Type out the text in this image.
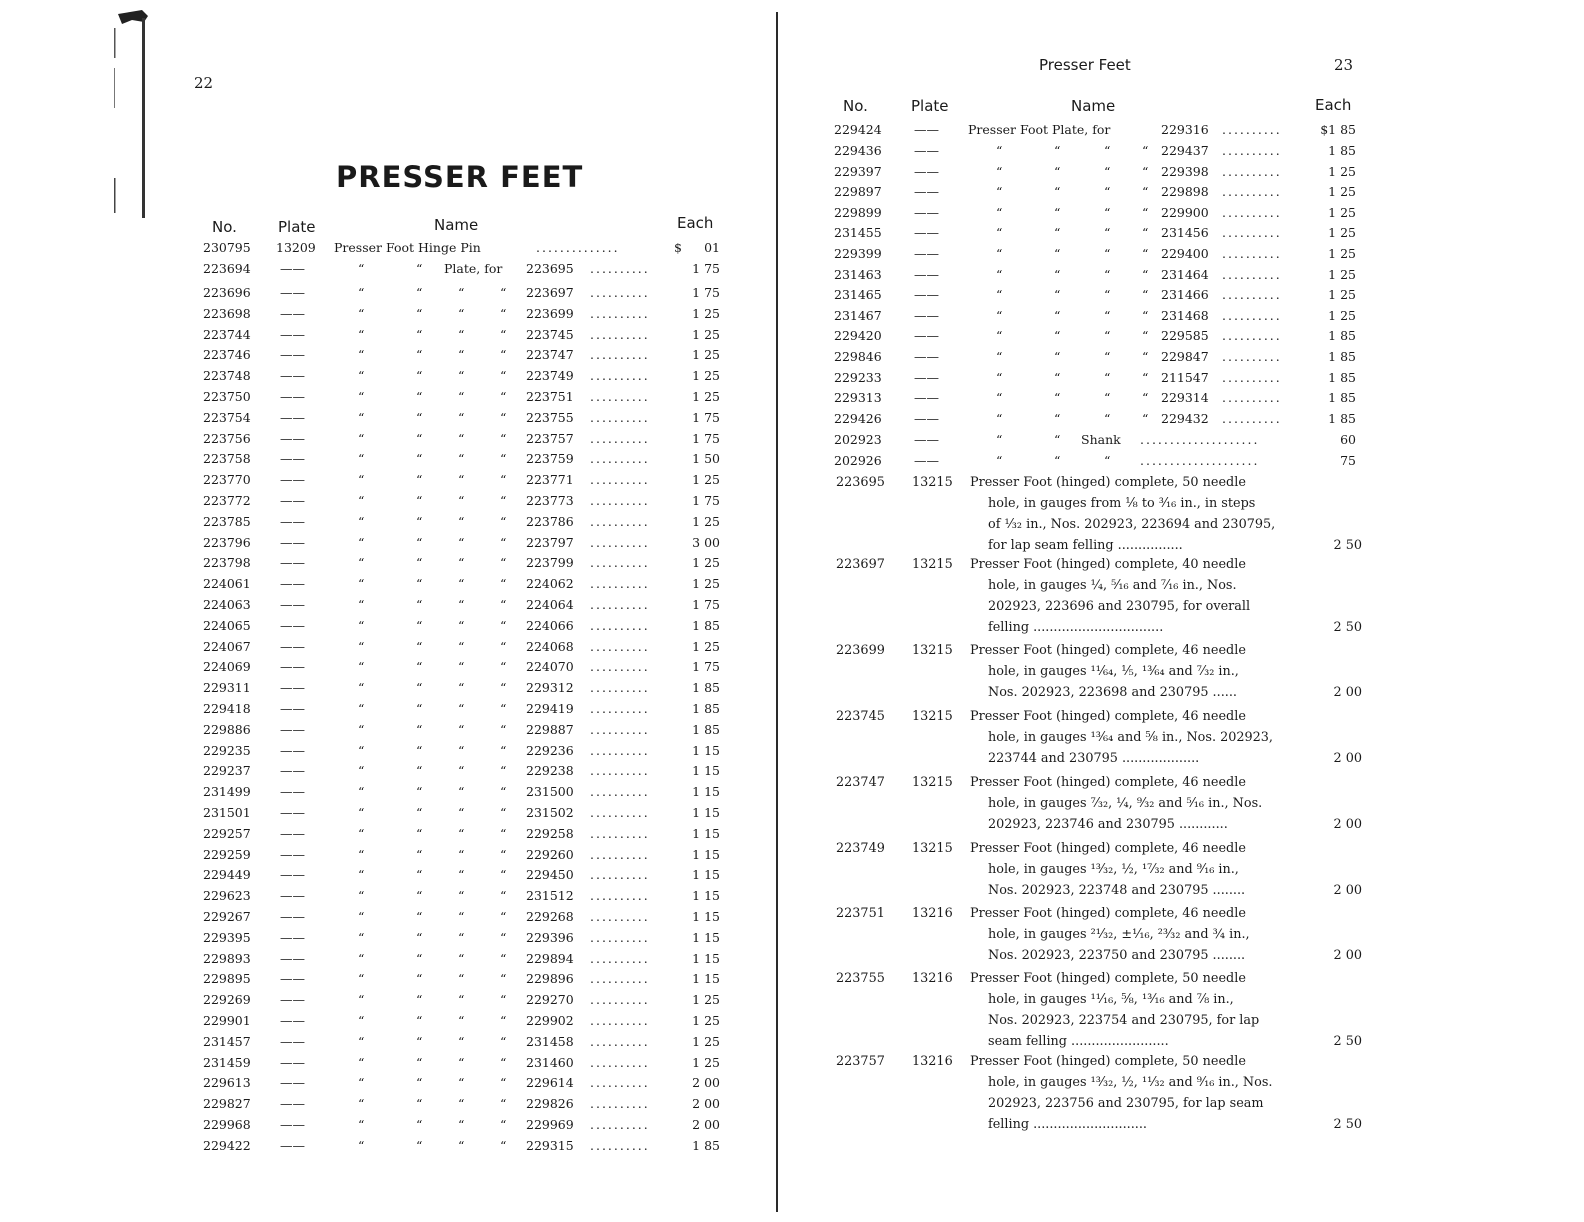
22
PRESSER FEET
No.	Plate	Name	Each
230795 13209 Presser Foot Hinge Pin	..............	$	01
223694 ——	“	“ Plate, for 223695 ..........	1 75
223696 ——	“	“	“	“ 223697 ..........	1 75
223698 ——	“	“	“	“ 223699 ..........	1 25
223744 ——	“	“	“	“ 223745 ..........	1 25
223746 ——	“	“	“	“ 223747 ..........	1 25
223748 ——	“	“	“	“ 223749 ..........	1 25
223750 ——	“	“	“	“ 223751 ..........	1 25
223754 ——	“	“	“	“ 223755 ..........	1 75
223756 ——	“	“	“	“ 223757 ..........	1 75
223758 ——	“	“	“	“ 223759 ..........	1 50
223770 ——	“	“	“	“ 223771 ..........	1 25
223772 ——	“	“	“	“ 223773 ..........	1 75
223785 ——	“	“	“	“ 223786 ..........	1 25
223796 ——	“	“	“	“ 223797 ..........	3 00
223798 ——	“	“	“	“ 223799 ..........	1 25
224061 ——	“	“	“	“ 224062 ..........	1 25
224063 ——	“	“	“	“ 224064 ..........	1 75
224065 ——	“	“	“	“ 224066 ..........	1 85
224067 ——	“	“	“	“ 224068 ..........	1 25
224069 ——	“	“	“	“ 224070 ..........	1 75
229311 ——	“	“	“	“ 229312 ..........	1 85
229418 ——	“	“	“	“ 229419 ..........	1 85
229886 ——	“	“	“	“ 229887 ..........	1 85
229235 ——	“	“	“	“ 229236 ..........	1 15
229237 ——	“	“	“	“ 229238 ..........	1 15
231499 ——	“	“	“	“ 231500 ..........	1 15
231501 ——	“	“	“	“ 231502 ..........	1 15
229257 ——	“	“	“	“ 229258 ..........	1 15
229259 ——	“	“	“	“ 229260 ..........	1 15
229449 ——	“	“	“	“ 229450 ..........	1 15
229623 ——	“	“	“	“ 231512 ..........	1 15
229267 ——	“	“	“	“ 229268 ..........	1 15
229395 ——	“	“	“	“ 229396 ..........	1 15
229893 ——	“	“	“	“ 229894 ..........	1 15
229895 ——	“	“	“	“ 229896 ..........	1 15
229269 ——	“	“	“	“ 229270 ..........	1 25
229901 ——	“	“	“	“ 229902 ..........	1 25
231457 ——	“	“	“	“ 231458 ..........	1 25
231459 ——	“	“	“	“ 231460 ..........	1 25
229613 ——	“	“	“	“ 229614 ..........	2 00
229827 ——	“	“	“	“ 229826 ..........	2 00
229968 ——	“	“	“	“ 229969 ..........	2 00
229422 ——	“	“	“	“ 229315 ..........	1 85
Presser Feet	23
No.	Plate	Name	Each
229424	—— Presser Foot Plate, for	229316 ..........	$1 85
229436	——	“	“	“	“ 229437 ..........	1 85
229397	——	“	“	“	“ 229398 ..........	1 25
229897	——	“	“	“	“ 229898 ..........	1 25
229899	——	“	“	“	“ 229900 ..........	1 25
231455	——	“	“	“	“ 231456 ..........	1 25
229399	——	“	“	“	“ 229400 ..........	1 25
231463	——	“	“	“	“ 231464 ..........	1 25
231465	——	“	“	“	“ 231466 ..........	1 25
231467	——	“	“	“	“ 231468 ..........	1 25
229420	——	“	“	“	“ 229585 ..........	1 85
229846	——	“	“	“	“ 229847 ..........	1 85
229233	——	“	“	“	“ 211547 ..........	1 85
229313	——	“	“	“	“ 229314 ..........	1 85
229426	——	“	“	“	“ 229432 ..........	1 85
202923	——	“	“ Shank ....................	60
202926	——	“	“	“ ....................	75
223695 13215 Presser Foot (hinged) complete, 50 needle
hole, in gauges from ⅛ to ³⁄₁₆ in., in steps
of ¹⁄₃₂ in., Nos. 202923, 223694 and 230795,
for lap seam felling ................	2 50
223697 13215 Presser Foot (hinged) complete, 40 needle
hole, in gauges ¼, ⁵⁄₁₆ and ⁷⁄₁₆ in., Nos.
202923, 223696 and 230795, for overall
felling ................................	2 50
223699 13215 Presser Foot (hinged) complete, 46 needle
hole, in gauges ¹¹⁄₆₄, ⅕, ¹³⁄₆₄ and ⁷⁄₃₂ in.,
Nos. 202923, 223698 and 230795 ......	2 00
223745 13215 Presser Foot (hinged) complete, 46 needle
hole, in gauges ¹³⁄₆₄ and ⅝ in., Nos. 202923,
223744 and 230795 ...................	2 00
223747 13215 Presser Foot (hinged) complete, 46 needle
hole, in gauges ⁷⁄₃₂, ¼, ⁹⁄₃₂ and ⁵⁄₁₆ in., Nos.
202923, 223746 and 230795 ............	2 00
223749 13215 Presser Foot (hinged) complete, 46 needle
hole, in gauges ¹³⁄₃₂, ½, ¹⁷⁄₃₂ and ⁹⁄₁₆ in.,
Nos. 202923, 223748 and 230795 ........	2 00
223751 13216 Presser Foot (hinged) complete, 46 needle
hole, in gauges ²¹⁄₃₂, ±¹⁄₁₆, ²³⁄₃₂ and ¾ in.,
Nos. 202923, 223750 and 230795 ........	2 00
223755 13216 Presser Foot (hinged) complete, 50 needle
hole, in gauges ¹¹⁄₁₆, ⅝, ¹³⁄₁₆ and ⁷⁄₈ in.,
Nos. 202923, 223754 and 230795, for lap
seam felling ........................	2 50
223757 13216 Presser Foot (hinged) complete, 50 needle
hole, in gauges ¹³⁄₃₂, ½, ¹¹⁄₃₂ and ⁹⁄₁₆ in., Nos.
202923, 223756 and 230795, for lap seam
felling ............................	2 50
